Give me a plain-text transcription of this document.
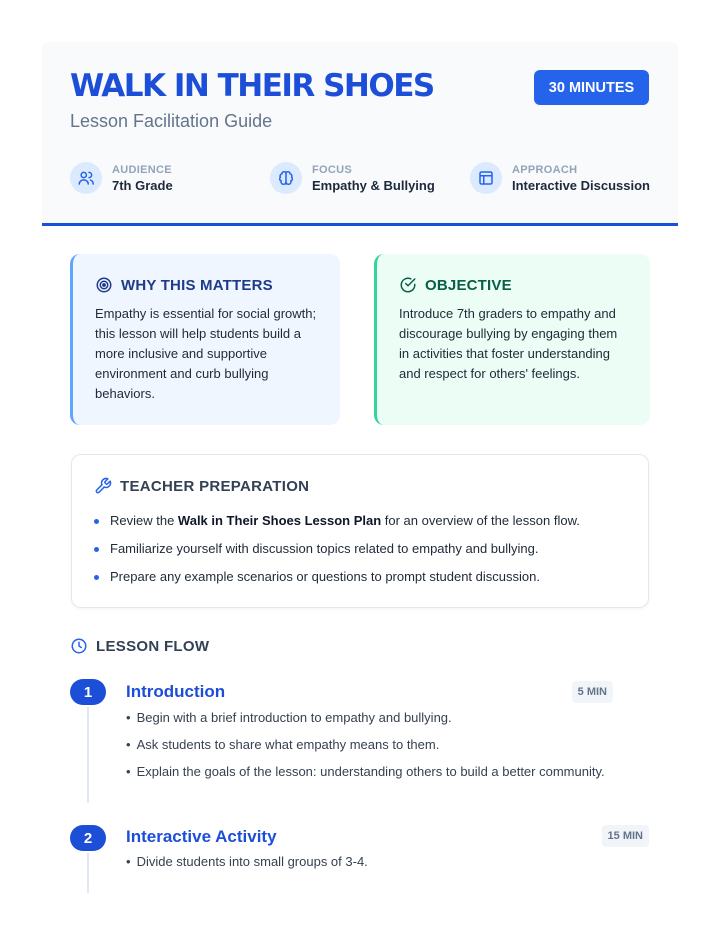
WALK IN THEIR SHOES
Lesson Facilitation Guide
30 MINUTES
AUDIENCE
7th Grade
FOCUS
Empathy & Bullying
APPROACH
Interactive Discussion
WHY THIS MATTERS

Empathy is essential for social growth; this lesson will help students build a more inclusive and supportive environment and curb bullying behaviors.

OBJECTIVE

Introduce 7th graders to empathy and discourage bullying by engaging them in activities that foster understanding and respect for others' feelings.

TEACHER PREPARATION
Review the Walk in Their Shoes Lesson Plan for an overview of the lesson flow.
Familiarize yourself with discussion topics related to empathy and bullying.
Prepare any example scenarios or questions to prompt student discussion.
LESSON FLOW
1	Introduction	5 MIN
• Begin with a brief introduction to empathy and bullying.
• Ask students to share what empathy means to them.
• Explain the goals of the lesson: understanding others to build a better community.
2	Interactive Activity	15 MIN
• Divide students into small groups of 3-4.
